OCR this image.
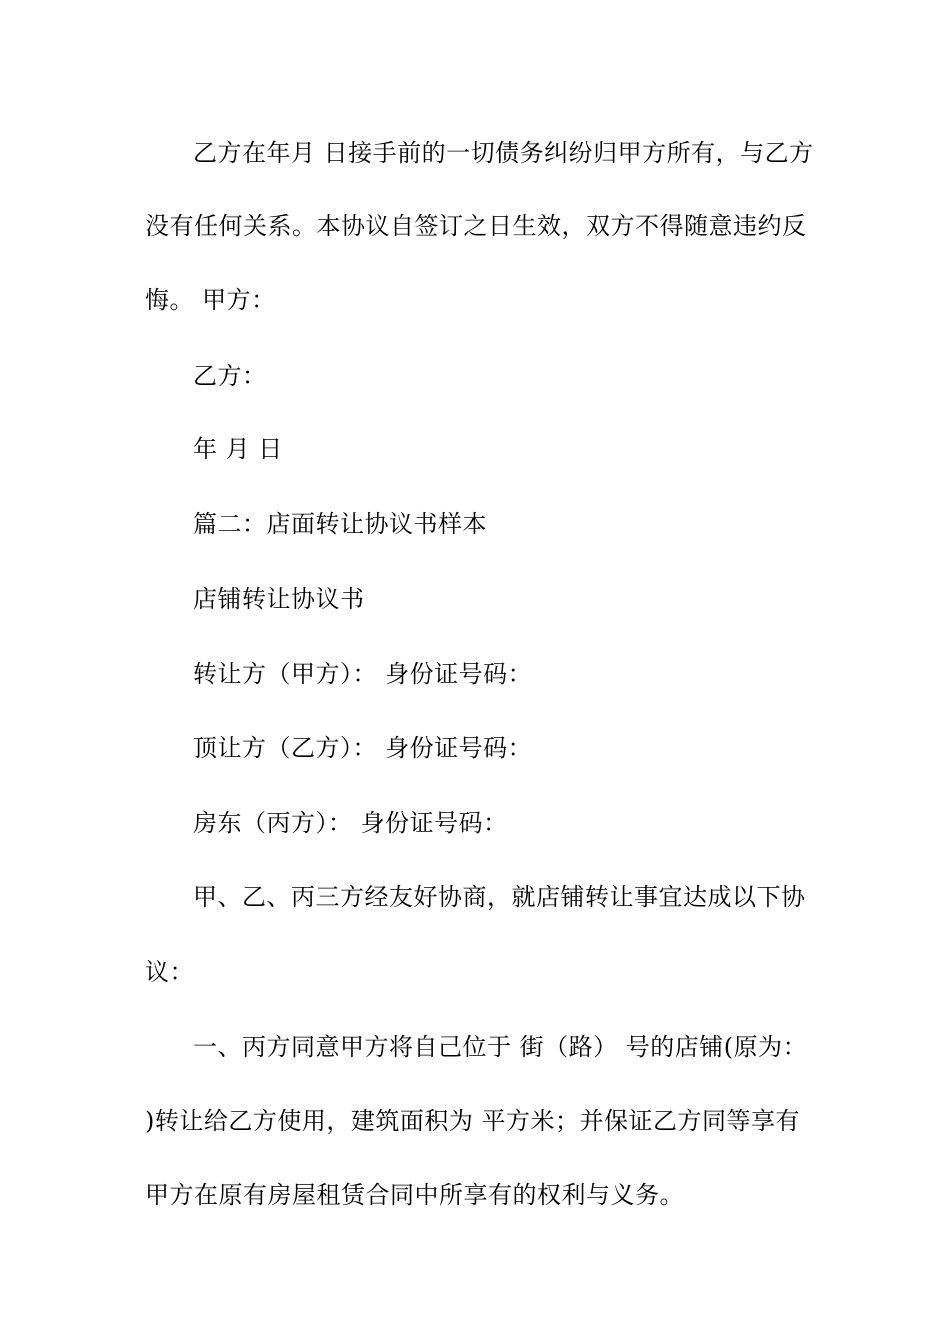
乙方在年月 日接手前的一切债务纠纷归甲方所有，与乙方
没有任何关系。本协议自签订之日生效，双方不得随意违约反
悔。 甲方：
乙方：
年 月 日
篇二：店面转让协议书样本
店铺转让协议书
转让方（甲方）： 身份证号码：
顶让方（乙方）： 身份证号码：
房东（丙方）： 身份证号码：
甲、乙、丙三方经友好协商，就店铺转让事宜达成以下协
议：
一、丙方同意甲方将自己位于 街（路） 号的店铺(原为：
)转让给乙方使用，建筑面积为 平方米；并保证乙方同等享有
甲方在原有房屋租赁合同中所享有的权利与义务。
